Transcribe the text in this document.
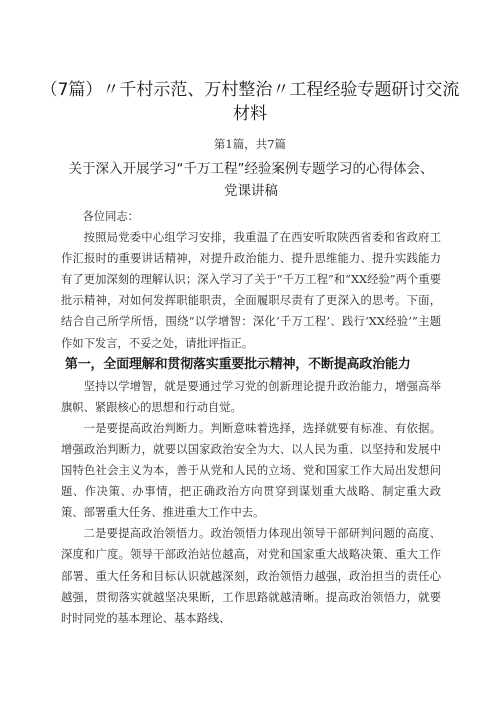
（7篇）〃千村示范、万村整治〃工程经验专题研讨交流材料
第1篇，共7篇
关于深入开展学习“千万工程”经验案例专题学习的心得体会、党课讲稿

各位同志：

按照局党委中心组学习安排，我重温了在西安听取陕西省委和省政府工作汇报时的重要讲话精神，对提升政治能力、提升思维能力、提升实践能力有了更加深刻的理解认识；深入学习了关于“千万工程”和“XX经验”两个重要批示精神，对如何发挥职能职责，全面履职尽责有了更深入的思考。下面，结合自己所学所悟，围绕“以学增智：深化‘千万工程’、践行‘XX经验’”主题作如下发言，不妥之处，请批评指正。

第一，全面理解和贯彻落实重要批示精神，不断提高政治能力

坚持以学增智，就是要通过学习党的创新理论提升政治能力，增强高举旗帜、紧跟核心的思想和行动自觉。

一是要提高政治判断力。判断意味着选择，选择就要有标准、有依据。增强政治判断力，就要以国家政治安全为大、以人民为重、以坚持和发展中国特色社会主义为本，善于从党和人民的立场、党和国家工作大局出发想问题、作决策、办事情，把正确政治方向贯穿到谋划重大战略、制定重大政策、部署重大任务、推进重大工作中去。

二是要提高政治领悟力。政治领悟力体现出领导干部研判问题的高度、深度和广度。领导干部政治站位越高，对党和国家重大战略决策、重大工作部署、重大任务和目标认识就越深刻，政治领悟力越强，政治担当的责任心越强，贯彻落实就越坚决果断，工作思路就越清晰。提高政治领悟力，就要时时同党的基本理论、基本路线、
